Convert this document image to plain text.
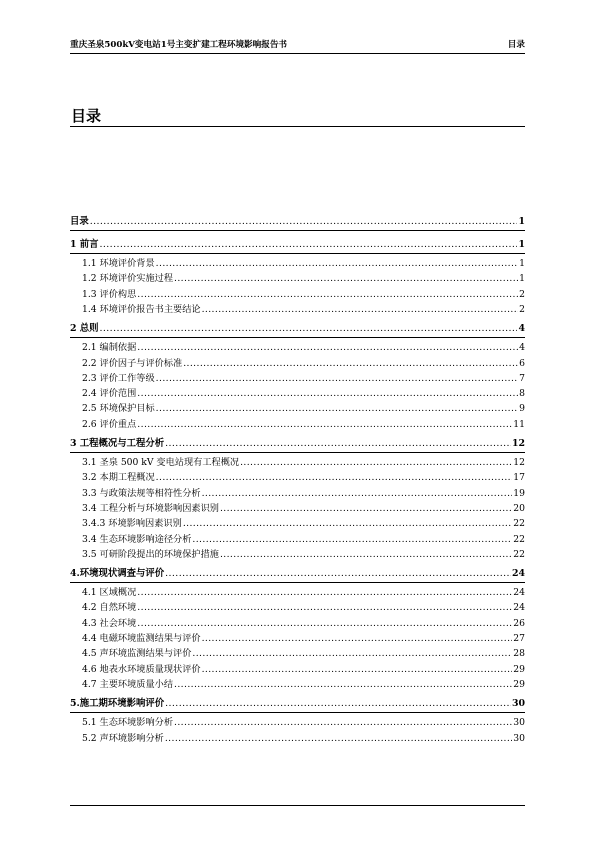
重庆圣泉500kV变电站1号主变扩建工程环境影响报告书	目录
目录
目录 .....	1
1 前言 .....	1
1.1 环境评价背景 .....	1
1.2 环境评价实施过程 .....	1
1.3 评价构思 .....	2
1.4 环境评价报告书主要结论 .....	2
2 总则 .....	4
2.1 编制依据 .....	4
2.2 评价因子与评价标准 .....	6
2.3 评价工作等级 .....	7
2.4 评价范围 .....	8
2.5 环境保护目标 .....	9
2.6 评价重点 .....	11
3 工程概况与工程分析 .....	12
3.1 圣泉 500 kV 变电站现有工程概况 .....	12
3.2 本期工程概况 .....	17
3.3 与政策法规等相符性分析 .....	19
3.4 工程分析与环境影响因素识别 .....	20
3.4.3 环境影响因素识别 .....	22
3.4 生态环境影响途径分析 .....	22
3.5 可研阶段提出的环境保护措施 .....	22
4.环境现状调查与评价 .....	24
4.1 区域概况 .....	24
4.2 自然环境 .....	24
4.3 社会环境 .....	26
4.4 电磁环境监测结果与评价 .....	27
4.5 声环境监测结果与评价 .....	28
4.6 地表水环境质量现状评价 .....	29
4.7 主要环境质量小结 .....	29
5.施工期环境影响评价 .....	30
5.1 生态环境影响分析 .....	30
5.2 声环境影响分析 .....	30
